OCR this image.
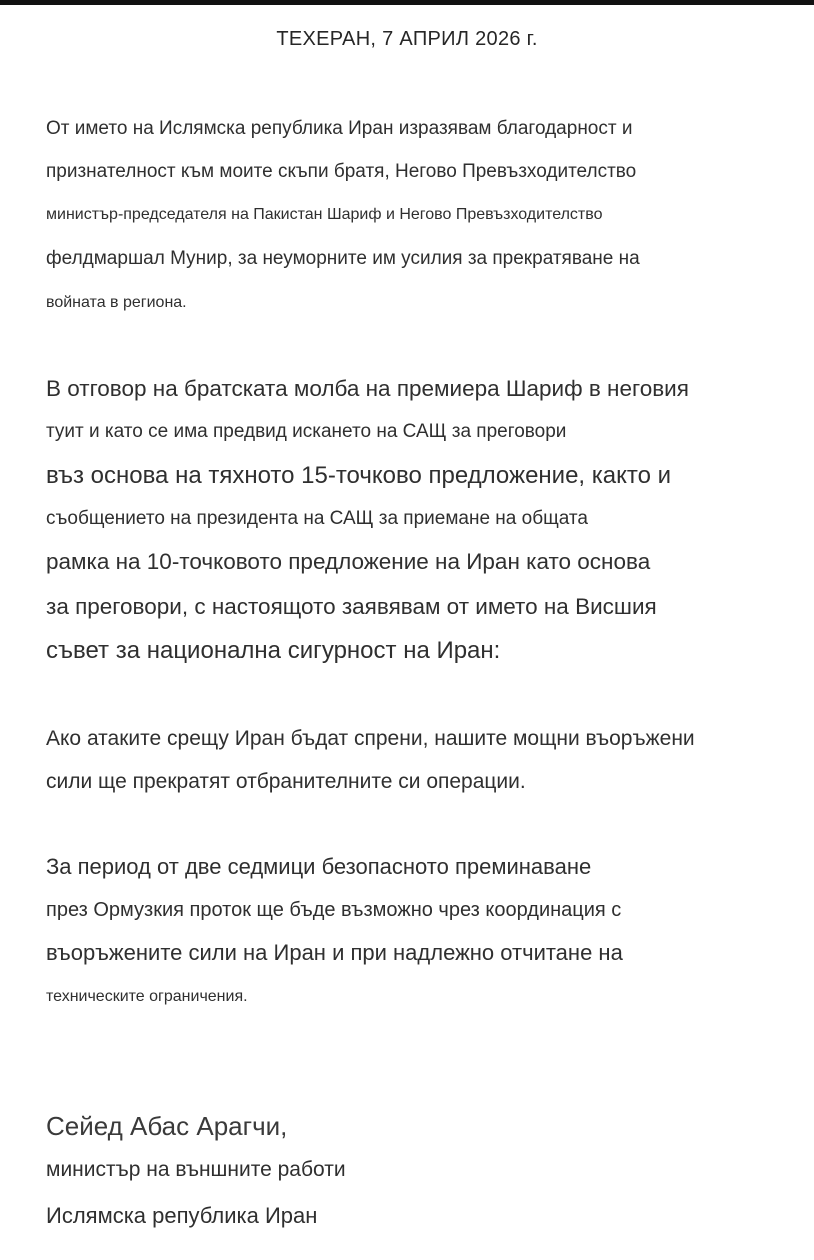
ТЕХЕРАН, 7 АПРИЛ 2026 г.

От името на Ислямска република Иран изразявам благодарност и

признателност към моите скъпи братя, Негово Превъзходителство

министър-председателя на Пакистан Шариф и Негово Превъзходителство

фелдмаршал Мунир, за неуморните им усилия за прекратяване на

войната в региона.

В отговор на братската молба на премиера Шариф в неговия

туит и като се има предвид искането на САЩ за преговори

въз основа на тяхното 15-точково предложение, както и

съобщението на президента на САЩ за приемане на общата

рамка на 10-точковото предложение на Иран като основа

за преговори, с настоящото заявявам от името на Висшия

съвет за национална сигурност на Иран:

Ако атаките срещу Иран бъдат спрени, нашите мощни въоръжени

сили ще прекратят отбранителните си операции.

За период от две седмици безопасното преминаване

през Ормузкия проток ще бъде възможно чрез координация с

въоръжените сили на Иран и при надлежно отчитане на

техническите ограничения.

Сейед Абас Арагчи,

министър на външните работи

Ислямска република Иран
